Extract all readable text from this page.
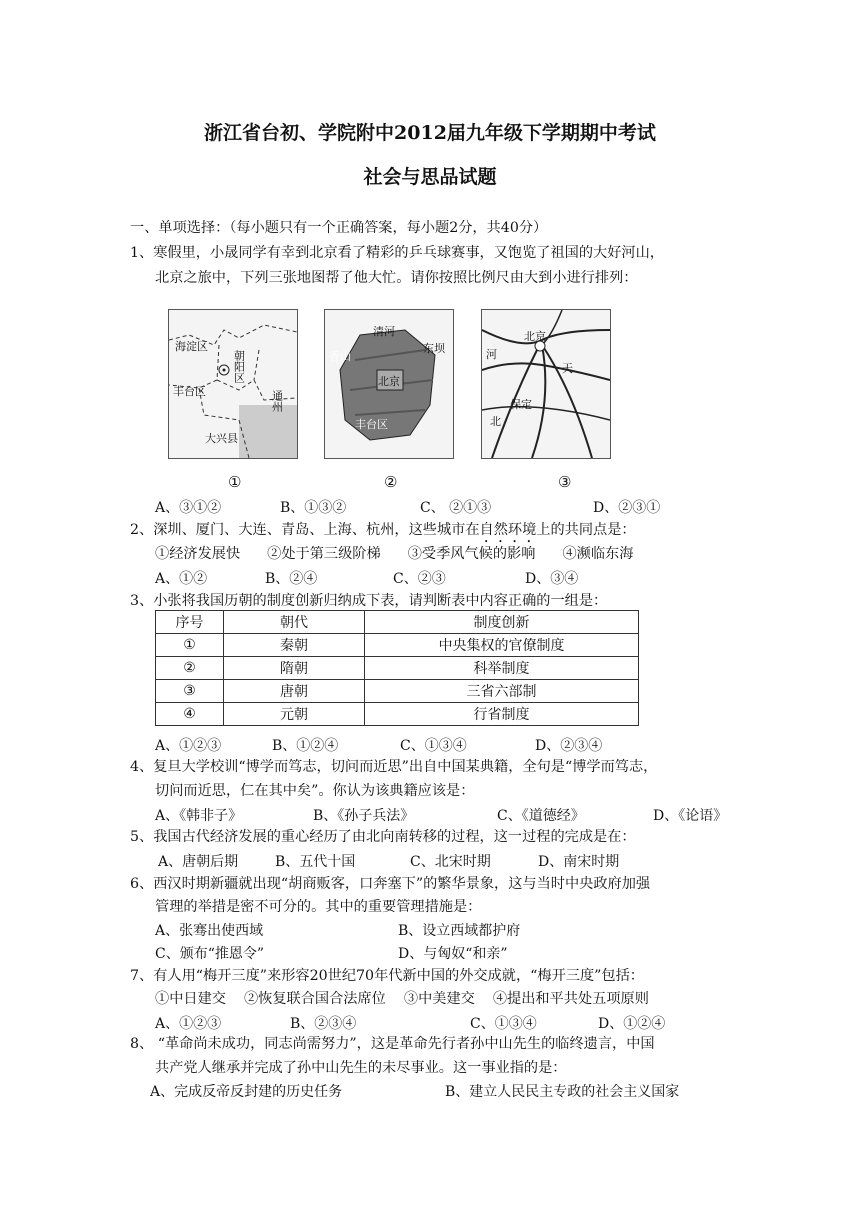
浙江省台初、学院附中2012届九年级下学期期中考试
社会与思品试题
一、单项选择：（每小题只有一个正确答案，每小题2分，共40分）
1、寒假里，小晟同学有幸到北京看了精彩的乒乓球赛事，又饱览了祖国的大好河山，
北京之旅中，下列三张地图帮了他大忙。请你按照比例尺由大到小进行排列：
海淀区
朝阳区
丰台区	通州
大兴县
清河
香山
东坝
北京
丰台区
北京
河
天
保定
北
①	②	③
A、③①②	B、①③②	C、 ②①③	D、②③①
2、深圳、厦门、大连、青岛、上海、杭州，这些城市在自然环境上的共同点是：
①经济发展快      ②处于第三级阶梯      ③受季风气候的影响      ④濒临东海
A、①②	B、②④	C、②③	D、③④
3、小张将我国历朝的制度创新归纳成下表，请判断表中内容正确的一组是：
序号	朝代	制度创新
①	秦朝	中央集权的官僚制度
②	隋朝	科举制度
③	唐朝	三省六部制
④	元朝	行省制度
A、①②③	B、①②④	C、①③④	D、②③④
4、复旦大学校训“博学而笃志，切问而近思”出自中国某典籍，全句是“博学而笃志，
切问而近思，仁在其中矣”。你认为该典籍应该是：
A、《韩非子》	B、《孙子兵法》	C、《道德经》	D、《论语》
5、我国古代经济发展的重心经历了由北向南转移的过程，这一过程的完成是在：
A、唐朝后期	B、五代十国	C、北宋时期	D、南宋时期
6、西汉时期新疆就出现“胡商贩客，口奔塞下”的繁华景象，这与当时中央政府加强
管理的举措是密不可分的。其中的重要管理措施是：
A、张骞出使西域	B、设立西域都护府
C、颁布“推恩令”	D、与匈奴“和亲”
7、有人用“梅开三度”来形容20世纪70年代新中国的外交成就，“梅开三度”包括：
①中日建交    ②恢复联合国合法席位    ③中美建交    ④提出和平共处五项原则
A、①②③	B、②③④	C、①③④	D、①②④
8、 “革命尚未成功，同志尚需努力”，这是革命先行者孙中山先生的临终遗言，中国
共产党人继承并完成了孙中山先生的未尽事业。这一事业指的是：
A、完成反帝反封建的历史任务	B、建立人民民主专政的社会主义国家
